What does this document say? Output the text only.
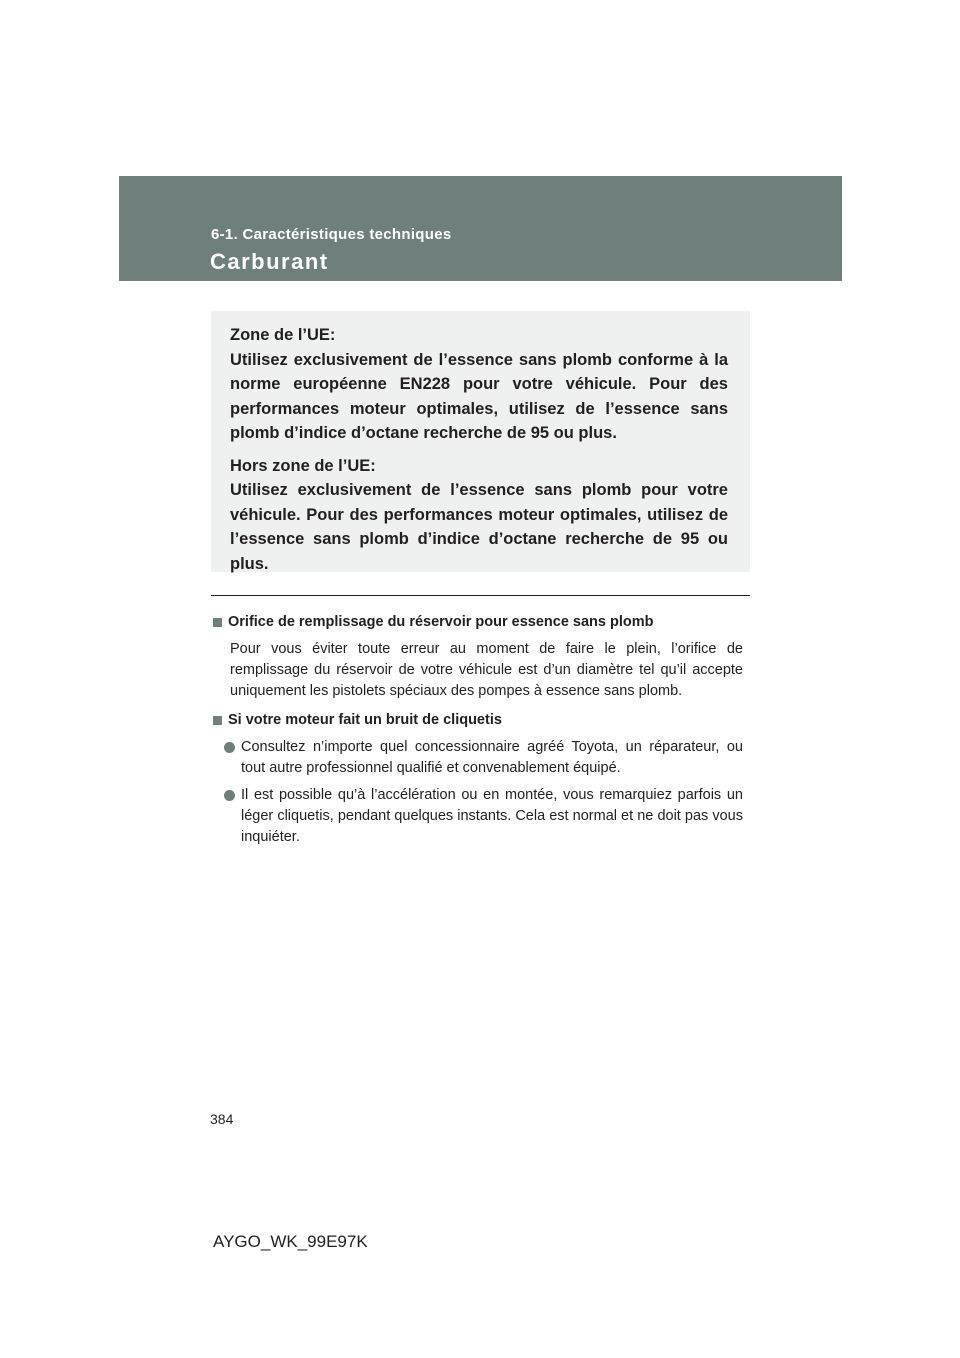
6-1. Caractéristiques techniques
Carburant

Zone de l’UE:

Utilisez exclusivement de l’essence sans plomb conforme à la norme européenne EN228 pour votre véhicule. Pour des performances moteur optimales, utilisez de l’essence sans plomb d’indice d’octane recherche de 95 ou plus.

Hors zone de l’UE:

Utilisez exclusivement de l’essence sans plomb pour votre véhicule. Pour des performances moteur optimales, utilisez de l’essence sans plomb d’indice d’octane recherche de 95 ou plus.

Orifice de remplissage du réservoir pour essence sans plomb

Pour vous éviter toute erreur au moment de faire le plein, l’orifice de remplissage du réservoir de votre véhicule est d’un diamètre tel qu’il accepte uniquement les pistolets spéciaux des pompes à essence sans plomb.

Si votre moteur fait un bruit de cliquetis

Consultez n’importe quel concessionnaire agréé Toyota, un réparateur, ou tout autre professionnel qualifié et convenablement équipé.
Il est possible qu’à l’accélération ou en montée, vous remarquiez parfois un léger cliquetis, pendant quelques instants. Cela est normal et ne doit pas vous inquiéter.
384
AYGO_WK_99E97K
